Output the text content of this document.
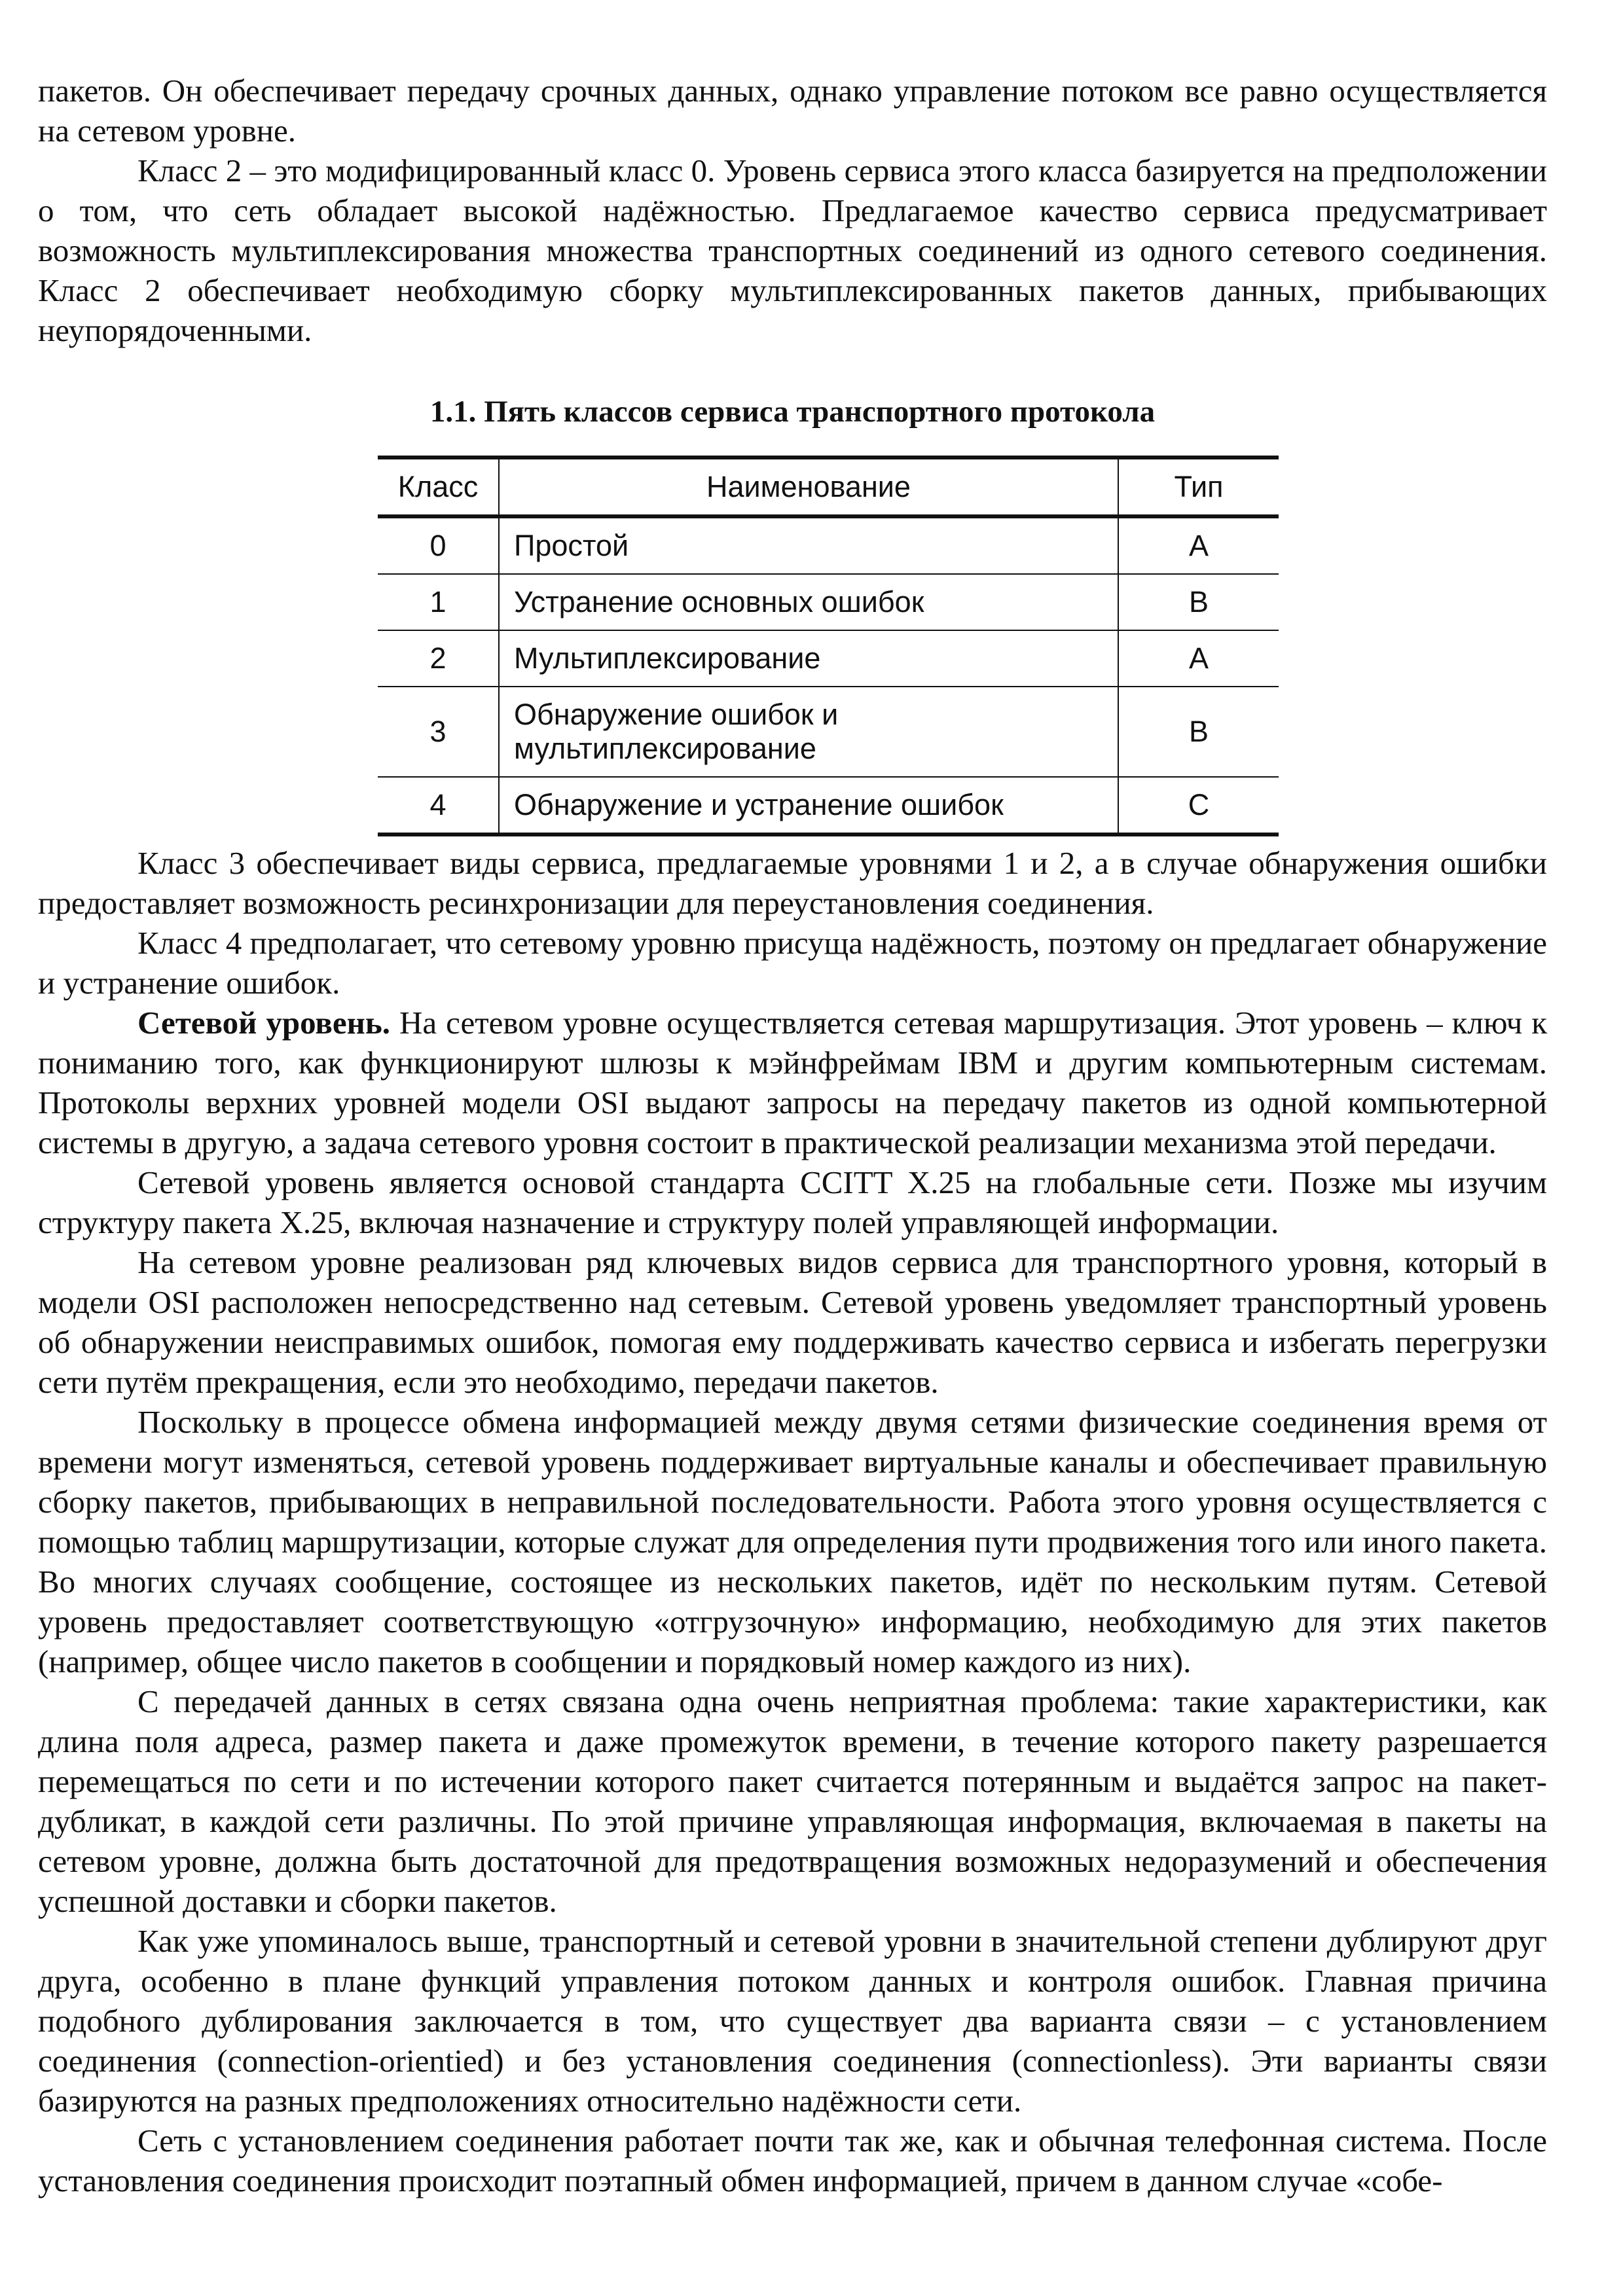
пакетов. Он обеспечивает передачу срочных данных, однако управление потоком все равно осуществляется на сетевом уровне.

Класс 2 – это модифицированный класс 0. Уровень сервиса этого класса базируется на предположении о том, что сеть обладает высокой надёжностью. Предлагаемое качество сервиса предусматривает возможность мультиплексирования множества транспортных соединений из одного сетевого соединения. Класс 2 обеспечивает необходимую сборку мультиплексированных пакетов данных, прибывающих неупорядоченными.

1.1. Пять классов сервиса транспортного протокола
Класс	Наименование	Тип
0	Простой	A
1	Устранение основных ошибок	B
2	Мультиплексирование	A
3	Обнаружение ошибок и мультиплексирование	B
4	Обнаружение и устранение ошибок	C

Класс 3 обеспечивает виды сервиса, предлагаемые уровнями 1 и 2, а в случае обнаружения ошибки предоставляет возможность ресинхронизации для переустановления соединения.

Класс 4 предполагает, что сетевому уровню присуща надёжность, поэтому он предлагает обнаружение и устранение ошибок.

Сетевой уровень. На сетевом уровне осуществляется сетевая маршрутизация. Этот уровень – ключ к пониманию того, как функционируют шлюзы к мэйнфреймам IBM и другим компьютерным системам. Протоколы верхних уровней модели OSI выдают запросы на передачу пакетов из одной компьютерной системы в другую, а задача сетевого уровня состоит в практической реализации механизма этой передачи.

Сетевой уровень является основой стандарта CCITT X.25 на глобальные сети. Позже мы изучим структуру пакета X.25, включая назначение и структуру полей управляющей информации.

На сетевом уровне реализован ряд ключевых видов сервиса для транспортного уровня, который в модели OSI расположен непосредственно над сетевым. Сетевой уровень уведомляет транспортный уровень об обнаружении неисправимых ошибок, помогая ему поддерживать качество сервиса и избегать перегрузки сети путём прекращения, если это необходимо, передачи пакетов.

Поскольку в процессе обмена информацией между двумя сетями физические соединения время от времени могут изменяться, сетевой уровень поддерживает виртуальные каналы и обеспечивает правильную сборку пакетов, прибывающих в неправильной последовательности. Работа этого уровня осуществляется с помощью таблиц маршрутизации, которые служат для определения пути продвижения того или иного пакета. Во многих случаях сообщение, состоящее из нескольких пакетов, идёт по нескольким путям. Сетевой уровень предоставляет соответствующую «отгрузочную» информацию, необходимую для этих пакетов (например, общее число пакетов в сообщении и порядковый номер каждого из них).

С передачей данных в сетях связана одна очень неприятная проблема: такие характеристики, как длина поля адреса, размер пакета и даже промежуток времени, в течение которого пакету разрешается перемещаться по сети и по истечении которого пакет считается потерянным и выдаётся запрос на пакет-дубликат, в каждой сети различны. По этой причине управляющая информация, включаемая в пакеты на сетевом уровне, должна быть достаточной для предотвращения возможных недоразумений и обеспечения успешной доставки и сборки пакетов.

Как уже упоминалось выше, транспортный и сетевой уровни в значительной степени дублируют друг друга, особенно в плане функций управления потоком данных и контроля ошибок. Главная причина подобного дублирования заключается в том, что существует два варианта связи – с установлением соединения (connection-orientied) и без установления соединения (connectionless). Эти варианты связи базируются на разных предположениях относительно надёжности сети.

Сеть с установлением соединения работает почти так же, как и обычная телефонная система. После установления соединения происходит поэтапный обмен информацией, причем в данном случае «собе-
